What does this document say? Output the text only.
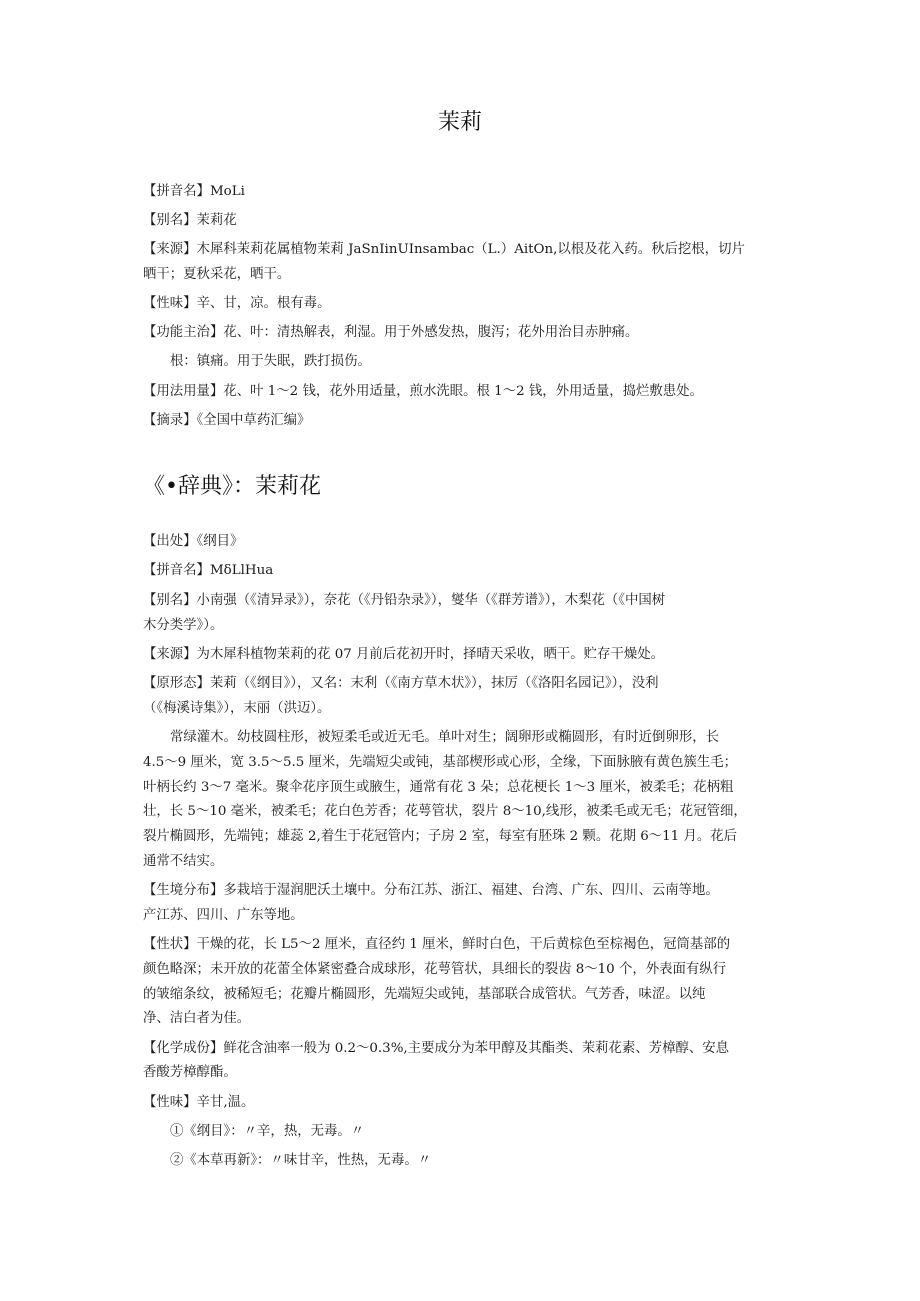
茉莉
【拼音名】MoLi
【别名】茉莉花
【来源】木犀科茉莉花属植物茉莉 JaSnIinUInsambac（L.）AitOn,以根及花入药。秋后挖根，切片
晒干；夏秋采花，晒干。
【性味】辛、甘，凉。根有毒。
【功能主治】花、叶：清热解表，利湿。用于外感发热，腹泻；花外用治目赤肿痛。
根：镇痛。用于失眠，跌打损伤。
【用法用量】花、叶 1〜2 钱，花外用适量，煎水洗眼。根 1〜2 钱，外用适量，捣烂敷患处。
【摘录】《全国中草药汇编》
《•辞典》：茉莉花
【出处】《纲目》
【拼音名】MδLlHua
【别名】小南强（《清异录》），奈花（《丹铅杂录》），燮华（《群芳谱》），木梨花（《中国树
木分类学》）。
【来源】为木犀科植物茉莉的花 07 月前后花初开时，择晴天采收，晒干。贮存干燥处。
【原形态】茉莉（《纲目》），又名：末利（《南方草木状》），抹厉（《洛阳名园记》），没利
（《梅溪诗集》），末丽（洪迈）。
常绿灌木。幼枝圆柱形，被短柔毛或近无毛。单叶对生；阔卵形或椭圆形，有时近倒卵形，长
4.5〜9 厘米，宽 3.5〜5.5 厘米，先端短尖或钝，基部楔形或心形，全缘，下面脉腋有黄色簇生毛；
叶柄长约 3〜7 毫米。聚伞花序顶生或腋生，通常有花 3 朵；总花梗长 1〜3 厘米，被柔毛；花柄粗
壮，长 5〜10 毫米，被柔毛；花白色芳香；花萼管状，裂片 8〜10,线形，被柔毛或无毛；花冠管细，
裂片椭圆形，先端钝；雄蕊 2,着生于花冠管内；子房 2 室，每室有胚珠 2 颗。花期 6〜11 月。花后
通常不结实。
【生境分布】多栽培于湿润肥沃土壤中。分布江苏、浙江、福建、台湾、广东、四川、云南等地。
产江苏、四川、广东等地。
【性状】干燥的花，长 L5〜2 厘米，直径约 1 厘米，鲜时白色，干后黄棕色至棕褐色，冠筒基部的
颜色略深；未开放的花蕾全体紧密叠合成球形，花萼管状，具细长的裂齿 8〜10 个，外表面有纵行
的皱缩条纹，被稀短毛；花瓣片椭圆形，先端短尖或钝，基部联合成管状。气芳香，味涩。以纯
净、洁白者为佳。
【化学成份】鲜花含油率一般为 0.2〜0.3%,主要成分为苯甲醇及其酯类、茉莉花素、芳樟醇、安息
香酸芳樟醇酯。
【性味】辛甘,温。
①《纲目》：〃辛，热，无毒。〃
②《本草再新》：〃味甘辛，性热，无毒。〃
